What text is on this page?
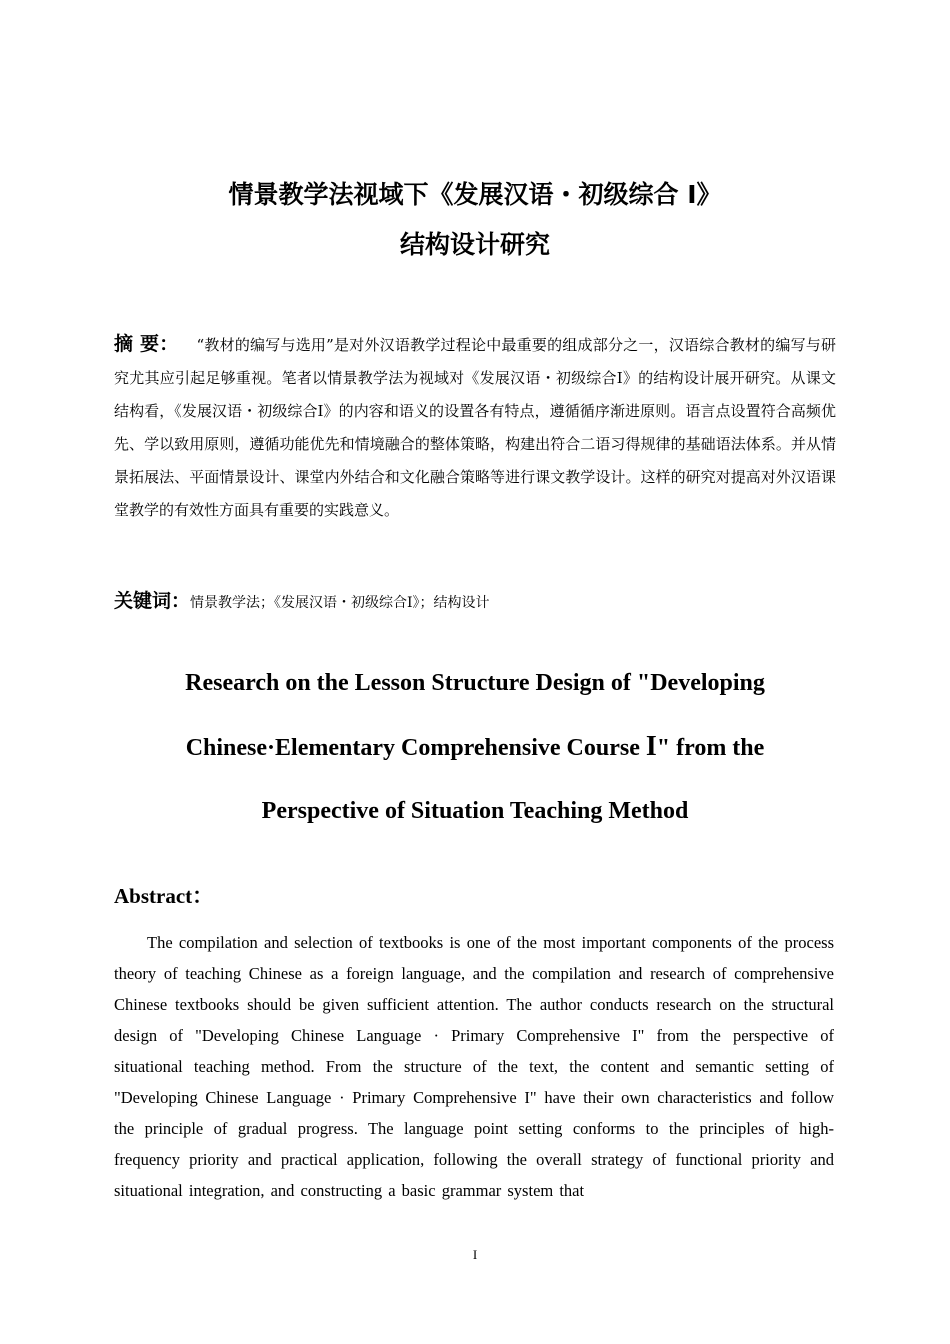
情景教学法视域下《发展汉语・初级综合 I》
结构设计研究
摘 要： “教材的编写与选用”是对外汉语教学过程论中最重要的组成部分之一，汉语综合教材的编写与研究尤其应引起足够重视。笔者以情景教学法为视域对《发展汉语・初级综合Ⅰ》的结构设计展开研究。从课文结构看，《发展汉语・初级综合Ⅰ》的内容和语义的设置各有特点，遵循循序渐进原则。语言点设置符合高频优先、学以致用原则，遵循功能优先和情境融合的整体策略，构建出符合二语习得规律的基础语法体系。并从情景拓展法、平面情景设计、课堂内外结合和文化融合策略等进行课文教学设计。这样的研究对提高对外汉语课堂教学的有效性方面具有重要的实践意义。
关键词：情景教学法；《发展汉语・初级综合Ⅰ》；结构设计
Research on the Lesson Structure Design of "Developing Chinese·Elementary Comprehensive Course I" from the Perspective of Situation Teaching Method
Abstract：
The compilation and selection of textbooks is one of the most important components of the process theory of teaching Chinese as a foreign language, and the compilation and research of comprehensive Chinese textbooks should be given sufficient attention. The author conducts research on the structural design of "Developing Chinese Language · Primary Comprehensive I" from the perspective of situational teaching method. From the structure of the text, the content and semantic setting of "Developing Chinese Language · Primary Comprehensive I" have their own characteristics and follow the principle of gradual progress. The language point setting conforms to the principles of high-frequency priority and practical application, following the overall strategy of functional priority and situational integration, and constructing a basic grammar system that
I
